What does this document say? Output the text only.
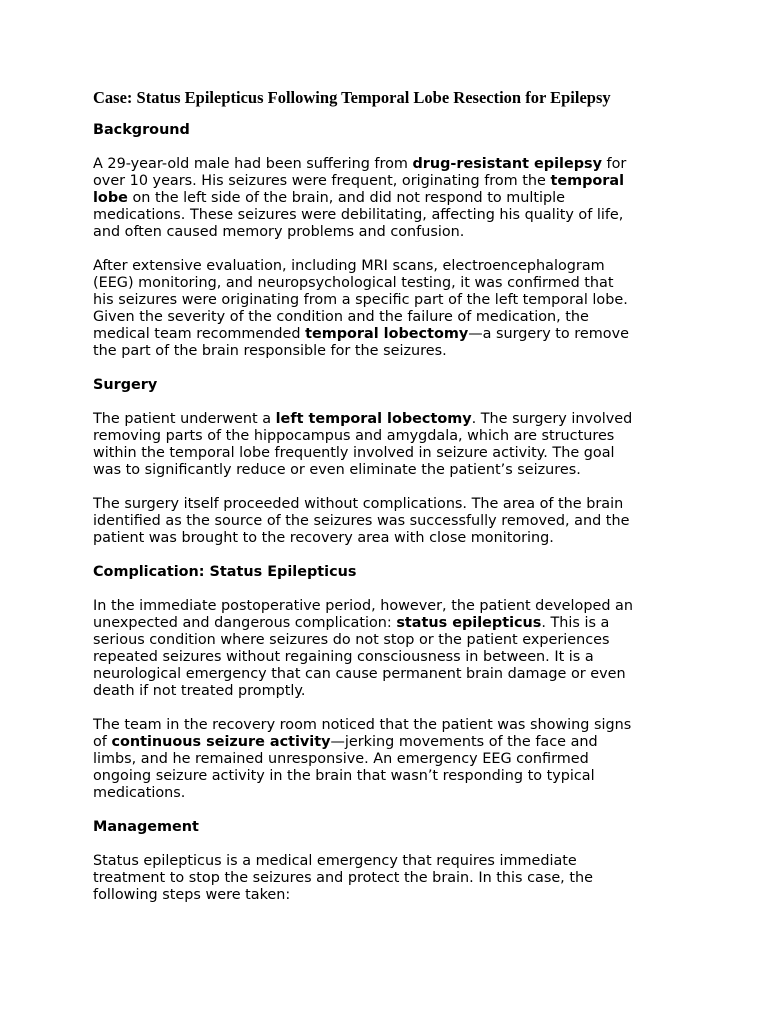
Case: Status Epilepticus Following Temporal Lobe Resection for Epilepsy
Background
A 29-year-old male had been suffering from drug-resistant epilepsy for
over 10 years. His seizures were frequent, originating from the temporal
lobe on the left side of the brain, and did not respond to multiple
medications. These seizures were debilitating, affecting his quality of life,
and often caused memory problems and confusion.
After extensive evaluation, including MRI scans, electroencephalogram
(EEG) monitoring, and neuropsychological testing, it was confirmed that
his seizures were originating from a specific part of the left temporal lobe.
Given the severity of the condition and the failure of medication, the
medical team recommended temporal lobectomy—a surgery to remove
the part of the brain responsible for the seizures.
Surgery
The patient underwent a left temporal lobectomy. The surgery involved
removing parts of the hippocampus and amygdala, which are structures
within the temporal lobe frequently involved in seizure activity. The goal
was to significantly reduce or even eliminate the patient’s seizures.
The surgery itself proceeded without complications. The area of the brain
identified as the source of the seizures was successfully removed, and the
patient was brought to the recovery area with close monitoring.
Complication: Status Epilepticus
In the immediate postoperative period, however, the patient developed an
unexpected and dangerous complication: status epilepticus. This is a
serious condition where seizures do not stop or the patient experiences
repeated seizures without regaining consciousness in between. It is a
neurological emergency that can cause permanent brain damage or even
death if not treated promptly.
The team in the recovery room noticed that the patient was showing signs
of continuous seizure activity—jerking movements of the face and
limbs, and he remained unresponsive. An emergency EEG confirmed
ongoing seizure activity in the brain that wasn’t responding to typical
medications.
Management
Status epilepticus is a medical emergency that requires immediate
treatment to stop the seizures and protect the brain. In this case, the
following steps were taken:
